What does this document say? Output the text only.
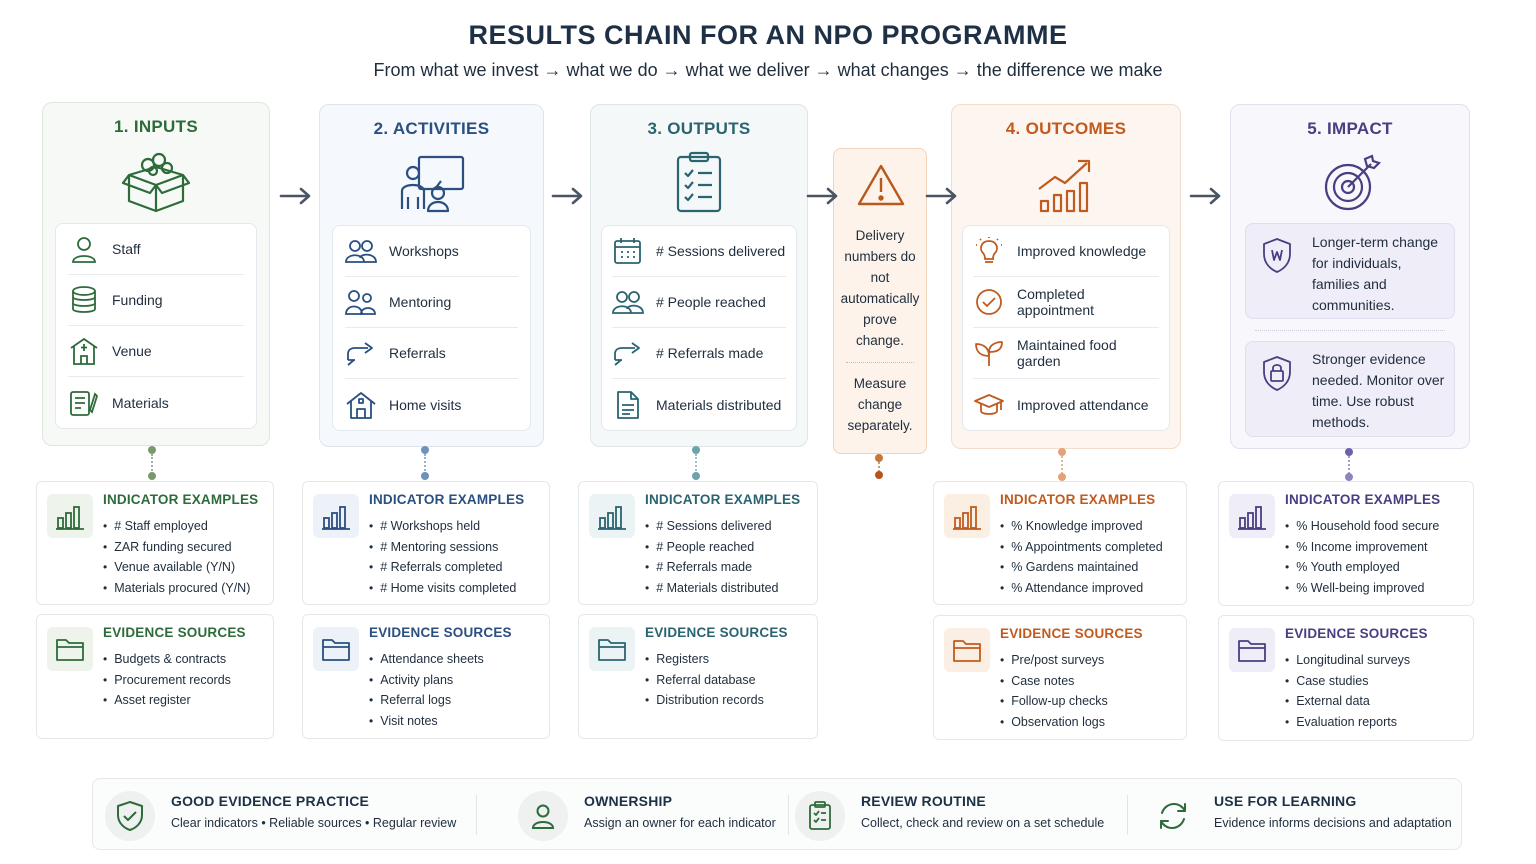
RESULTS CHAIN FOR AN NPO PROGRAMME
From what we invest → what we do → what we deliver → what changes → the difference we make
1. INPUTS
Staff
Funding
Venue
Materials
2. ACTIVITIES
Workshops
Mentoring
Referrals
Home visits
3. OUTPUTS
# Sessions delivered
# People reached
# Referrals made
Materials distributed
Delivery numbers do not automatically prove change.
Measure change separately.
4. OUTCOMES
Improved knowledge
Completed appointment
Maintained food garden
Improved attendance
5. IMPACT
Longer-term change for individuals, families and communities.
Stronger evidence needed. Monitor over time. Use robust methods.
INDICATOR EXAMPLES
• # Staff employed
• ZAR funding secured
• Venue available (Y/N)
• Materials procured (Y/N)
INDICATOR EXAMPLES
• # Workshops held
• # Mentoring sessions
• # Referrals completed
• # Home visits completed
INDICATOR EXAMPLES
• # Sessions delivered
• # People reached
• # Referrals made
• # Materials distributed
INDICATOR EXAMPLES
• % Knowledge improved
• % Appointments completed
• % Gardens maintained
• % Attendance improved
INDICATOR EXAMPLES
• % Household food secure
• % Income improvement
• % Youth employed
• % Well-being improved
EVIDENCE SOURCES
• Budgets & contracts
• Procurement records
• Asset register
EVIDENCE SOURCES
• Attendance sheets
• Activity plans
• Referral logs
• Visit notes
EVIDENCE SOURCES
• Registers
• Referral database
• Distribution records
EVIDENCE SOURCES
• Pre/post surveys
• Case notes
• Follow-up checks
• Observation logs
EVIDENCE SOURCES
• Longitudinal surveys
• Case studies
• External data
• Evaluation reports
GOOD EVIDENCE PRACTICE
Clear indicators • Reliable sources • Regular review
OWNERSHIP
Assign an owner for each indicator
REVIEW ROUTINE
Collect, check and review on a set schedule
USE FOR LEARNING
Evidence informs decisions and adaptation
